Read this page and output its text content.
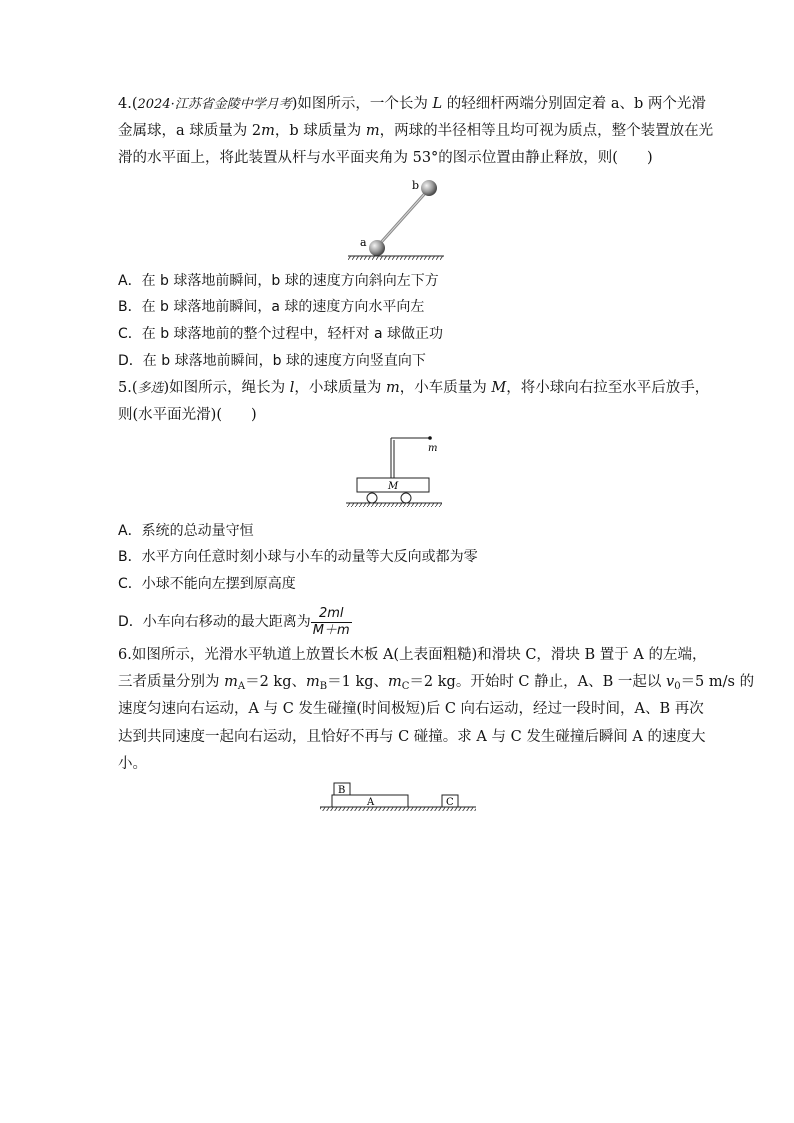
4.(2024·江苏省金陵中学月考)如图所示，一个长为 L 的轻细杆两端分别固定着 a、b 两个光滑
金属球，a 球质量为 2m，b 球质量为 m，两球的半径相等且均可视为质点，整个装置放在光
滑的水平面上，将此装置从杆与水平面夹角为 53°的图示位置由静止释放，则(　　)
a
b
A．在 b 球落地前瞬间，b 球的速度方向斜向左下方
B．在 b 球落地前瞬间，a 球的速度方向水平向左
C．在 b 球落地前的整个过程中，轻杆对 a 球做正功
D．在 b 球落地前瞬间，b 球的速度方向竖直向下
5.(多选)如图所示，绳长为 l，小球质量为 m，小车质量为 M，将小球向右拉至水平后放手，
则(水平面光滑)(　　)
m
M
A．系统的总动量守恒
B．水平方向任意时刻小球与小车的动量等大反向或都为零
C．小球不能向左摆到原高度
D．小车向右移动的最大距离为 $\frac{2ml}{M+m}$
6.如图所示，光滑水平轨道上放置长木板 A(上表面粗糙)和滑块 C，滑块 B 置于 A 的左端，
三者质量分别为 $m_A=2$ kg、$m_B=1$ kg、$m_C=2$ kg。开始时 C 静止，A、B 一起以 $v_0=5$ m/s 的
速度匀速向右运动，A 与 C 发生碰撞(时间极短)后 C 向右运动，经过一段时间，A、B 再次
达到共同速度一起向右运动，且恰好不再与 C 碰撞。求 A 与 C 发生碰撞后瞬间 A 的速度大
小。
B
A	C
